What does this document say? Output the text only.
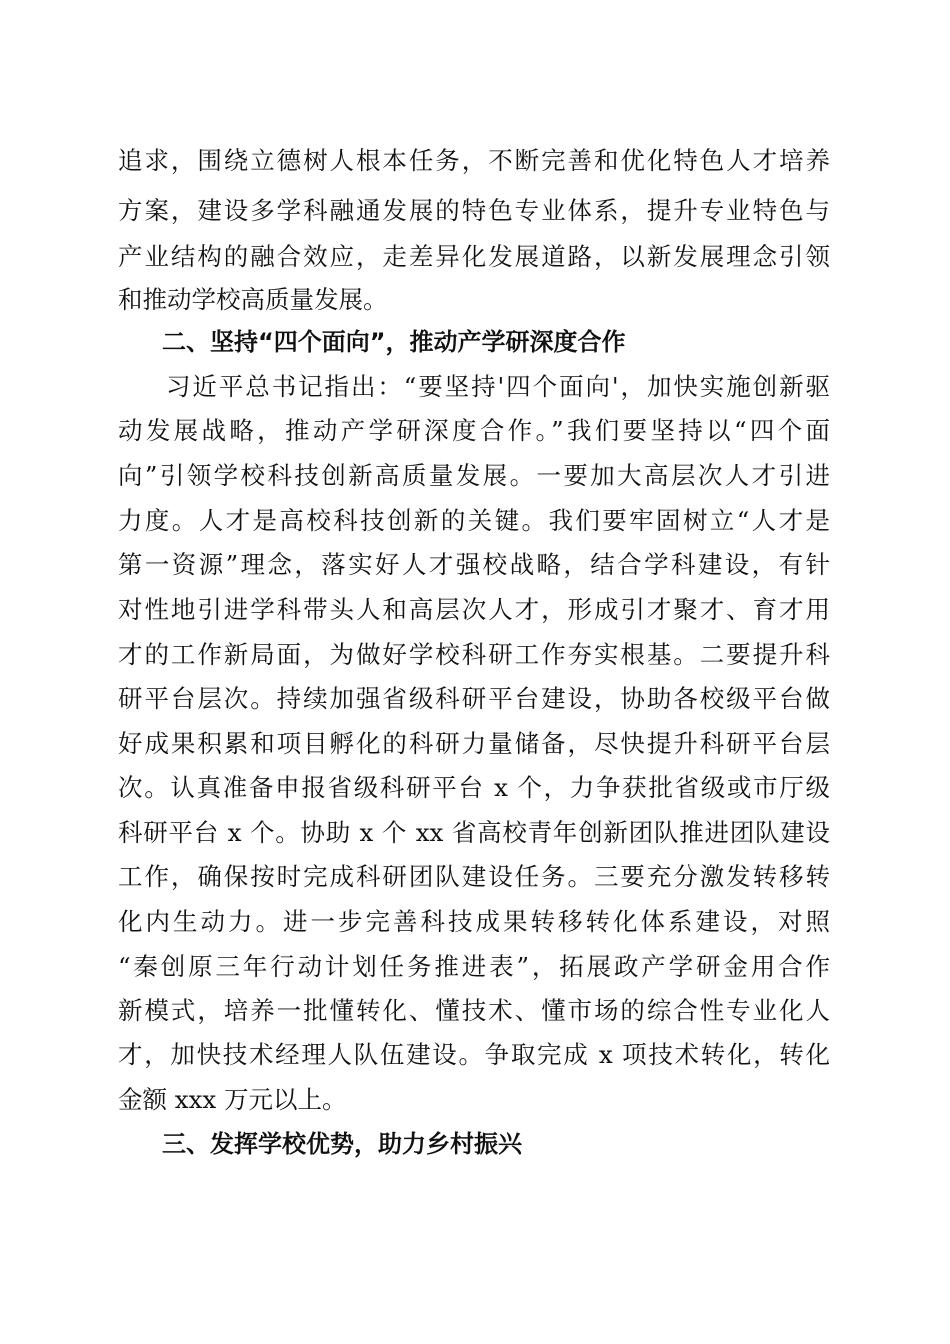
追求，围绕立德树人根本任务，不断完善和优化特色人才培养
方案，建设多学科融通发展的特色专业体系，提升专业特色与
产业结构的融合效应，走差异化发展道路，以新发展理念引领
和推动学校高质量发展。
二、坚持“四个面向”，推动产学研深度合作
习近平总书记指出：“要坚持'四个面向'，加快实施创新驱
动发展战略，推动产学研深度合作。”我们要坚持以“四个面
向”引领学校科技创新高质量发展。一要加大高层次人才引进
力度。人才是高校科技创新的关键。我们要牢固树立“人才是
第一资源”理念，落实好人才强校战略，结合学科建设，有针
对性地引进学科带头人和高层次人才，形成引才聚才、育才用
才的工作新局面，为做好学校科研工作夯实根基。二要提升科
研平台层次。持续加强省级科研平台建设，协助各校级平台做
好成果积累和项目孵化的科研力量储备，尽快提升科研平台层
次。认真准备申报省级科研平台 x 个，力争获批省级或市厅级
科研平台 x 个。协助 x 个 xx 省高校青年创新团队推进团队建设
工作，确保按时完成科研团队建设任务。三要充分激发转移转
化内生动力。进一步完善科技成果转移转化体系建设，对照
“秦创原三年行动计划任务推进表”，拓展政产学研金用合作
新模式，培养一批懂转化、懂技术、懂市场的综合性专业化人
才，加快技术经理人队伍建设。争取完成 x 项技术转化，转化
金额 xxx 万元以上。
三、发挥学校优势，助力乡村振兴
